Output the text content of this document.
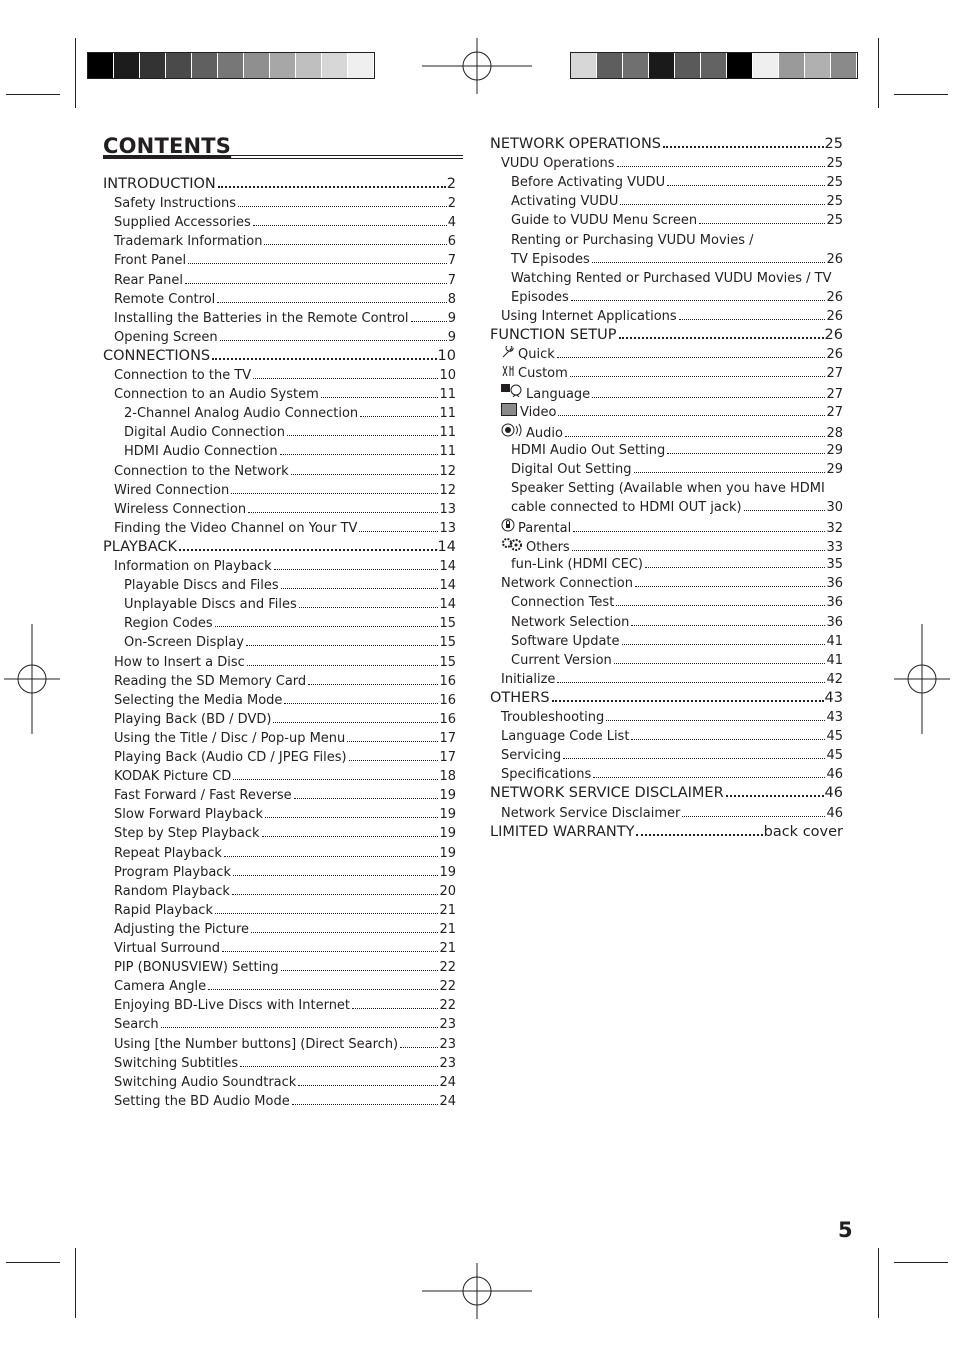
CONTENTS
INTRODUCTION	2
Safety Instructions	2
Supplied Accessories	4
Trademark Information	6
Front Panel	7
Rear Panel	7
Remote Control	8
Installing the Batteries in the Remote Control	9
Opening Screen	9
CONNECTIONS	10
Connection to the TV	10
Connection to an Audio System	11
2-Channel Analog Audio Connection	11
Digital Audio Connection	11
HDMI Audio Connection	11
Connection to the Network	12
Wired Connection	12
Wireless Connection	13
Finding the Video Channel on Your TV	13
PLAYBACK	14
Information on Playback	14
Playable Discs and Files	14
Unplayable Discs and Files	14
Region Codes	15
On-Screen Display	15
How to Insert a Disc	15
Reading the SD Memory Card	16
Selecting the Media Mode	16
Playing Back (BD / DVD)	16
Using the Title / Disc / Pop-up Menu	17
Playing Back (Audio CD / JPEG Files)	17
KODAK Picture CD	18
Fast Forward / Fast Reverse	19
Slow Forward Playback	19
Step by Step Playback	19
Repeat Playback	19
Program Playback	19
Random Playback	20
Rapid Playback	21
Adjusting the Picture	21
Virtual Surround	21
PIP (BONUSVIEW) Setting	22
Camera Angle	22
Enjoying BD-Live Discs with Internet	22
Search	23
Using [the Number buttons] (Direct Search)	23
Switching Subtitles	23
Switching Audio Soundtrack	24
Setting the BD Audio Mode	24
NETWORK OPERATIONS	25
VUDU Operations	25
Before Activating VUDU	25
Activating VUDU	25
Guide to VUDU Menu Screen	25
Renting or Purchasing VUDU Movies /
TV Episodes	26
Watching Rented or Purchased VUDU Movies / TV
Episodes	26
Using Internet Applications	26
FUNCTION SETUP	26
Quick	26
Custom	27
Language	27
Video	27
Audio	28
HDMI Audio Out Setting	29
Digital Out Setting	29
Speaker Setting (Available when you have HDMI
cable connected to HDMI OUT jack)	30
Parental	32
Others	33
fun-Link (HDMI CEC)	35
Network Connection	36
Connection Test	36
Network Selection	36
Software Update	41
Current Version	41
Initialize	42
OTHERS	43
Troubleshooting	43
Language Code List	45
Servicing	45
Specifications	46
NETWORK SERVICE DISCLAIMER	46
Network Service Disclaimer	46
LIMITED WARRANTY	back cover
5
